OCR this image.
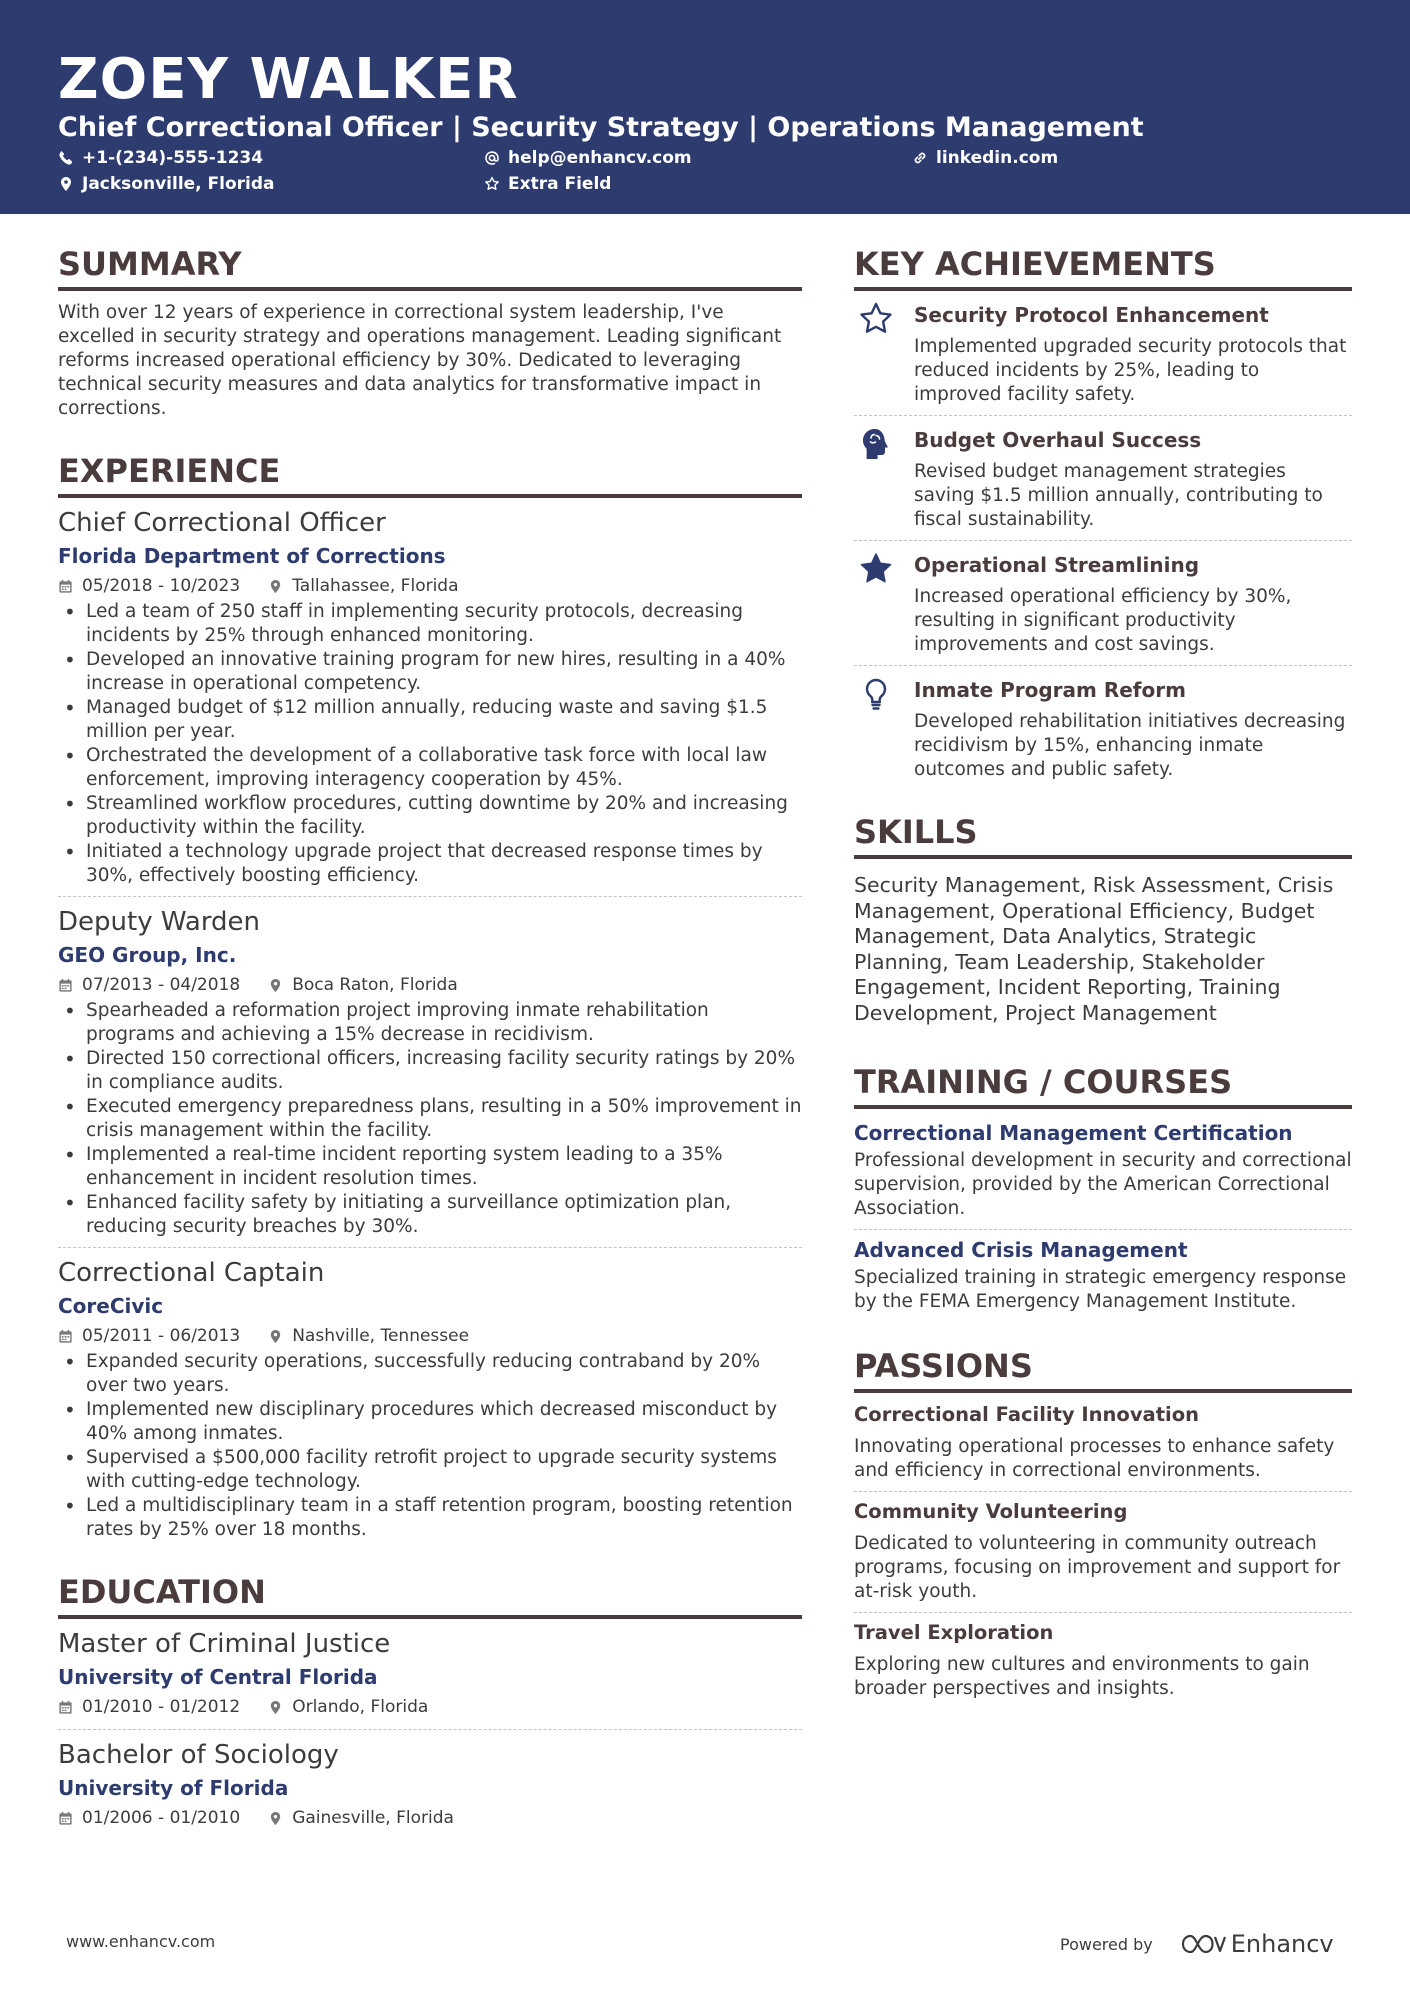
ZOEY WALKER
Chief Correctional Officer | Security Strategy | Operations Management
+1-(234)-555-1234	help@enhancv.com	linkedin.com
Jacksonville, Florida	Extra Field
SUMMARY
With over 12 years of experience in correctional system leadership, I've excelled in security strategy and operations management. Leading significant reforms increased operational efficiency by 30%. Dedicated to leveraging technical security measures and data analytics for transformative impact in corrections.
EXPERIENCE
Chief Correctional Officer
Florida Department of Corrections
05/2018 - 10/2023	Tallahassee, Florida
• Led a team of 250 staff in implementing security protocols, decreasing incidents by 25% through enhanced monitoring.
• Developed an innovative training program for new hires, resulting in a 40% increase in operational competency.
• Managed budget of $12 million annually, reducing waste and saving $1.5 million per year.
• Orchestrated the development of a collaborative task force with local law enforcement, improving interagency cooperation by 45%.
• Streamlined workflow procedures, cutting downtime by 20% and increasing productivity within the facility.
• Initiated a technology upgrade project that decreased response times by 30%, effectively boosting efficiency.
Deputy Warden
GEO Group, Inc.
07/2013 - 04/2018	Boca Raton, Florida
• Spearheaded a reformation project improving inmate rehabilitation programs and achieving a 15% decrease in recidivism.
• Directed 150 correctional officers, increasing facility security ratings by 20% in compliance audits.
• Executed emergency preparedness plans, resulting in a 50% improvement in crisis management within the facility.
• Implemented a real-time incident reporting system leading to a 35% enhancement in incident resolution times.
• Enhanced facility safety by initiating a surveillance optimization plan, reducing security breaches by 30%.
Correctional Captain
CoreCivic
05/2011 - 06/2013	Nashville, Tennessee
• Expanded security operations, successfully reducing contraband by 20% over two years.
• Implemented new disciplinary procedures which decreased misconduct by 40% among inmates.
• Supervised a $500,000 facility retrofit project to upgrade security systems with cutting-edge technology.
• Led a multidisciplinary team in a staff retention program, boosting retention rates by 25% over 18 months.
EDUCATION
Master of Criminal Justice
University of Central Florida
01/2010 - 01/2012	Orlando, Florida
Bachelor of Sociology
University of Florida
01/2006 - 01/2010	Gainesville, Florida
KEY ACHIEVEMENTS
Security Protocol Enhancement
Implemented upgraded security protocols that reduced incidents by 25%, leading to improved facility safety.
Budget Overhaul Success
Revised budget management strategies saving $1.5 million annually, contributing to fiscal sustainability.
Operational Streamlining
Increased operational efficiency by 30%, resulting in significant productivity improvements and cost savings.
Inmate Program Reform
Developed rehabilitation initiatives decreasing recidivism by 15%, enhancing inmate outcomes and public safety.
SKILLS
Security Management, Risk Assessment, Crisis Management, Operational Efficiency, Budget Management, Data Analytics, Strategic Planning, Team Leadership, Stakeholder Engagement, Incident Reporting, Training Development, Project Management
TRAINING / COURSES
Correctional Management Certification
Professional development in security and correctional supervision, provided by the American Correctional Association.
Advanced Crisis Management
Specialized training in strategic emergency response by the FEMA Emergency Management Institute.
PASSIONS
Correctional Facility Innovation
Innovating operational processes to enhance safety and efficiency in correctional environments.
Community Volunteering
Dedicated to volunteering in community outreach programs, focusing on improvement and support for at-risk youth.
Travel Exploration
Exploring new cultures and environments to gain broader perspectives and insights.
www.enhancv.com	Powered by	Enhancv
